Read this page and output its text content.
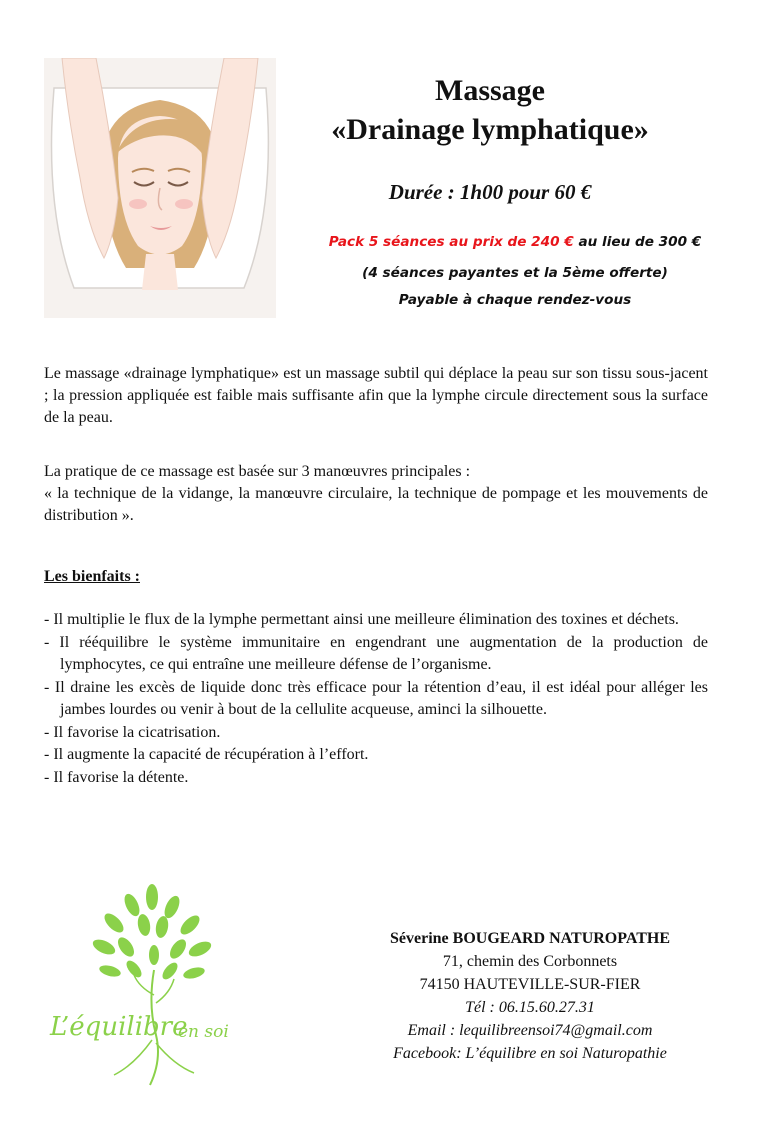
Massage
«Drainage lymphatique»
Durée : 1h00 pour 60 €
Pack 5 séances au prix de 240 € au lieu de 300 €
(4 séances payantes et la 5ème offerte)
Payable à chaque rendez-vous
Le massage «drainage lymphatique» est un massage subtil qui déplace la peau sur son tissu sous-jacent ; la pression appliquée est faible mais suffisante afin que la lymphe circule directement sous la surface de la peau.
La pratique de ce massage est basée sur 3 manœuvres principales :
« la technique de la vidange, la manœuvre circulaire, la technique de pompage et les mouvements de distribution ».
Les bienfaits :
- Il multiplie le flux de la lymphe permettant ainsi une meilleure élimination des toxines et déchets.
- Il rééquilibre le système immunitaire en engendrant une augmentation de la production de lymphocytes, ce qui entraîne une meilleure défense de l’organisme.
- Il draine les excès de liquide donc très efficace pour la rétention d’eau, il est idéal pour alléger les jambes lourdes ou venir à bout de la cellulite acqueuse, aminci la silhouette.
- Il favorise la cicatrisation.
- Il augmente la capacité de récupération à l’effort.
- Il favorise la détente.
L’équilibre
en soi
Séverine BOUGEARD NATUROPATHE
71, chemin des Corbonnets
74150 HAUTEVILLE-SUR-FIER
Tél : 06.15.60.27.31
Email : lequilibreensoi74@gmail.com
Facebook: L’équilibre en soi Naturopathie
